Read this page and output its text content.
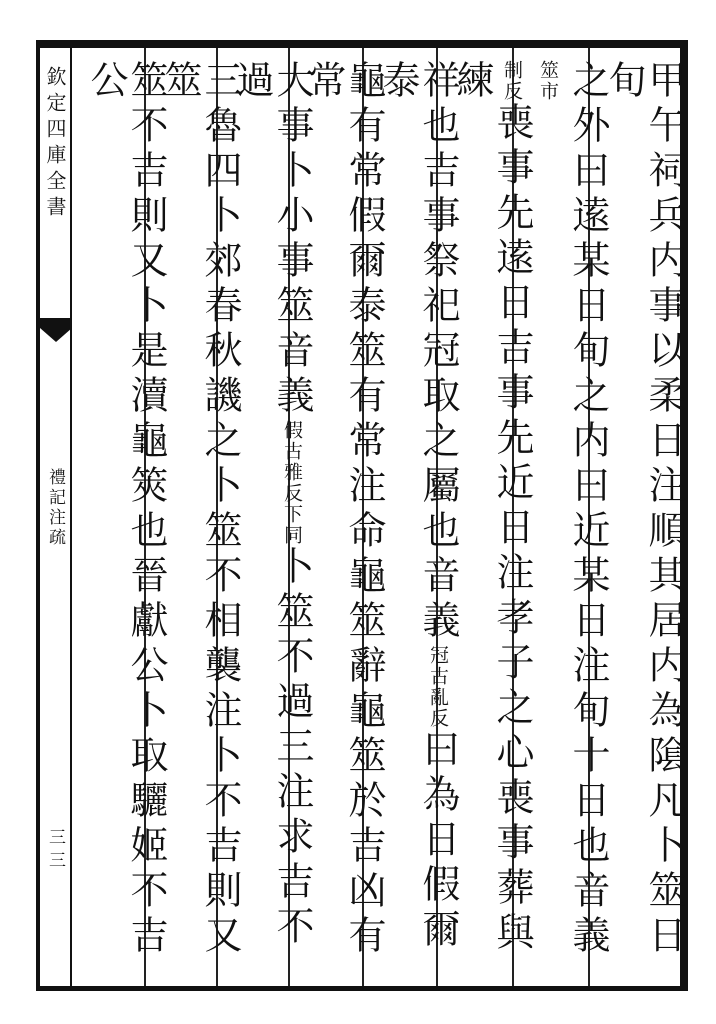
欽定四庫全書
禮記注疏
三三	甲午祠兵内事以柔日注順其居内為隂凡卜筮日旬
之外曰逺某日旬之内曰近某日注旬十日也音義筮市
制反喪事先逺日吉事先近日注孝子之心喪事葬與練
祥也吉事祭祀冠取之屬也音義冠古亂反曰為日假爾泰
龜有常假爾泰筮有常注命龜筮辭龜筮於吉凶有常
大事卜小事筮音義假古雅反下同卜筮不過三注求吉不過
三魯四卜郊春秋譏之卜筮不相襲注卜不吉則又筮
筮不吉則又卜是瀆龜筴也晉獻公卜取驪姬不吉公
